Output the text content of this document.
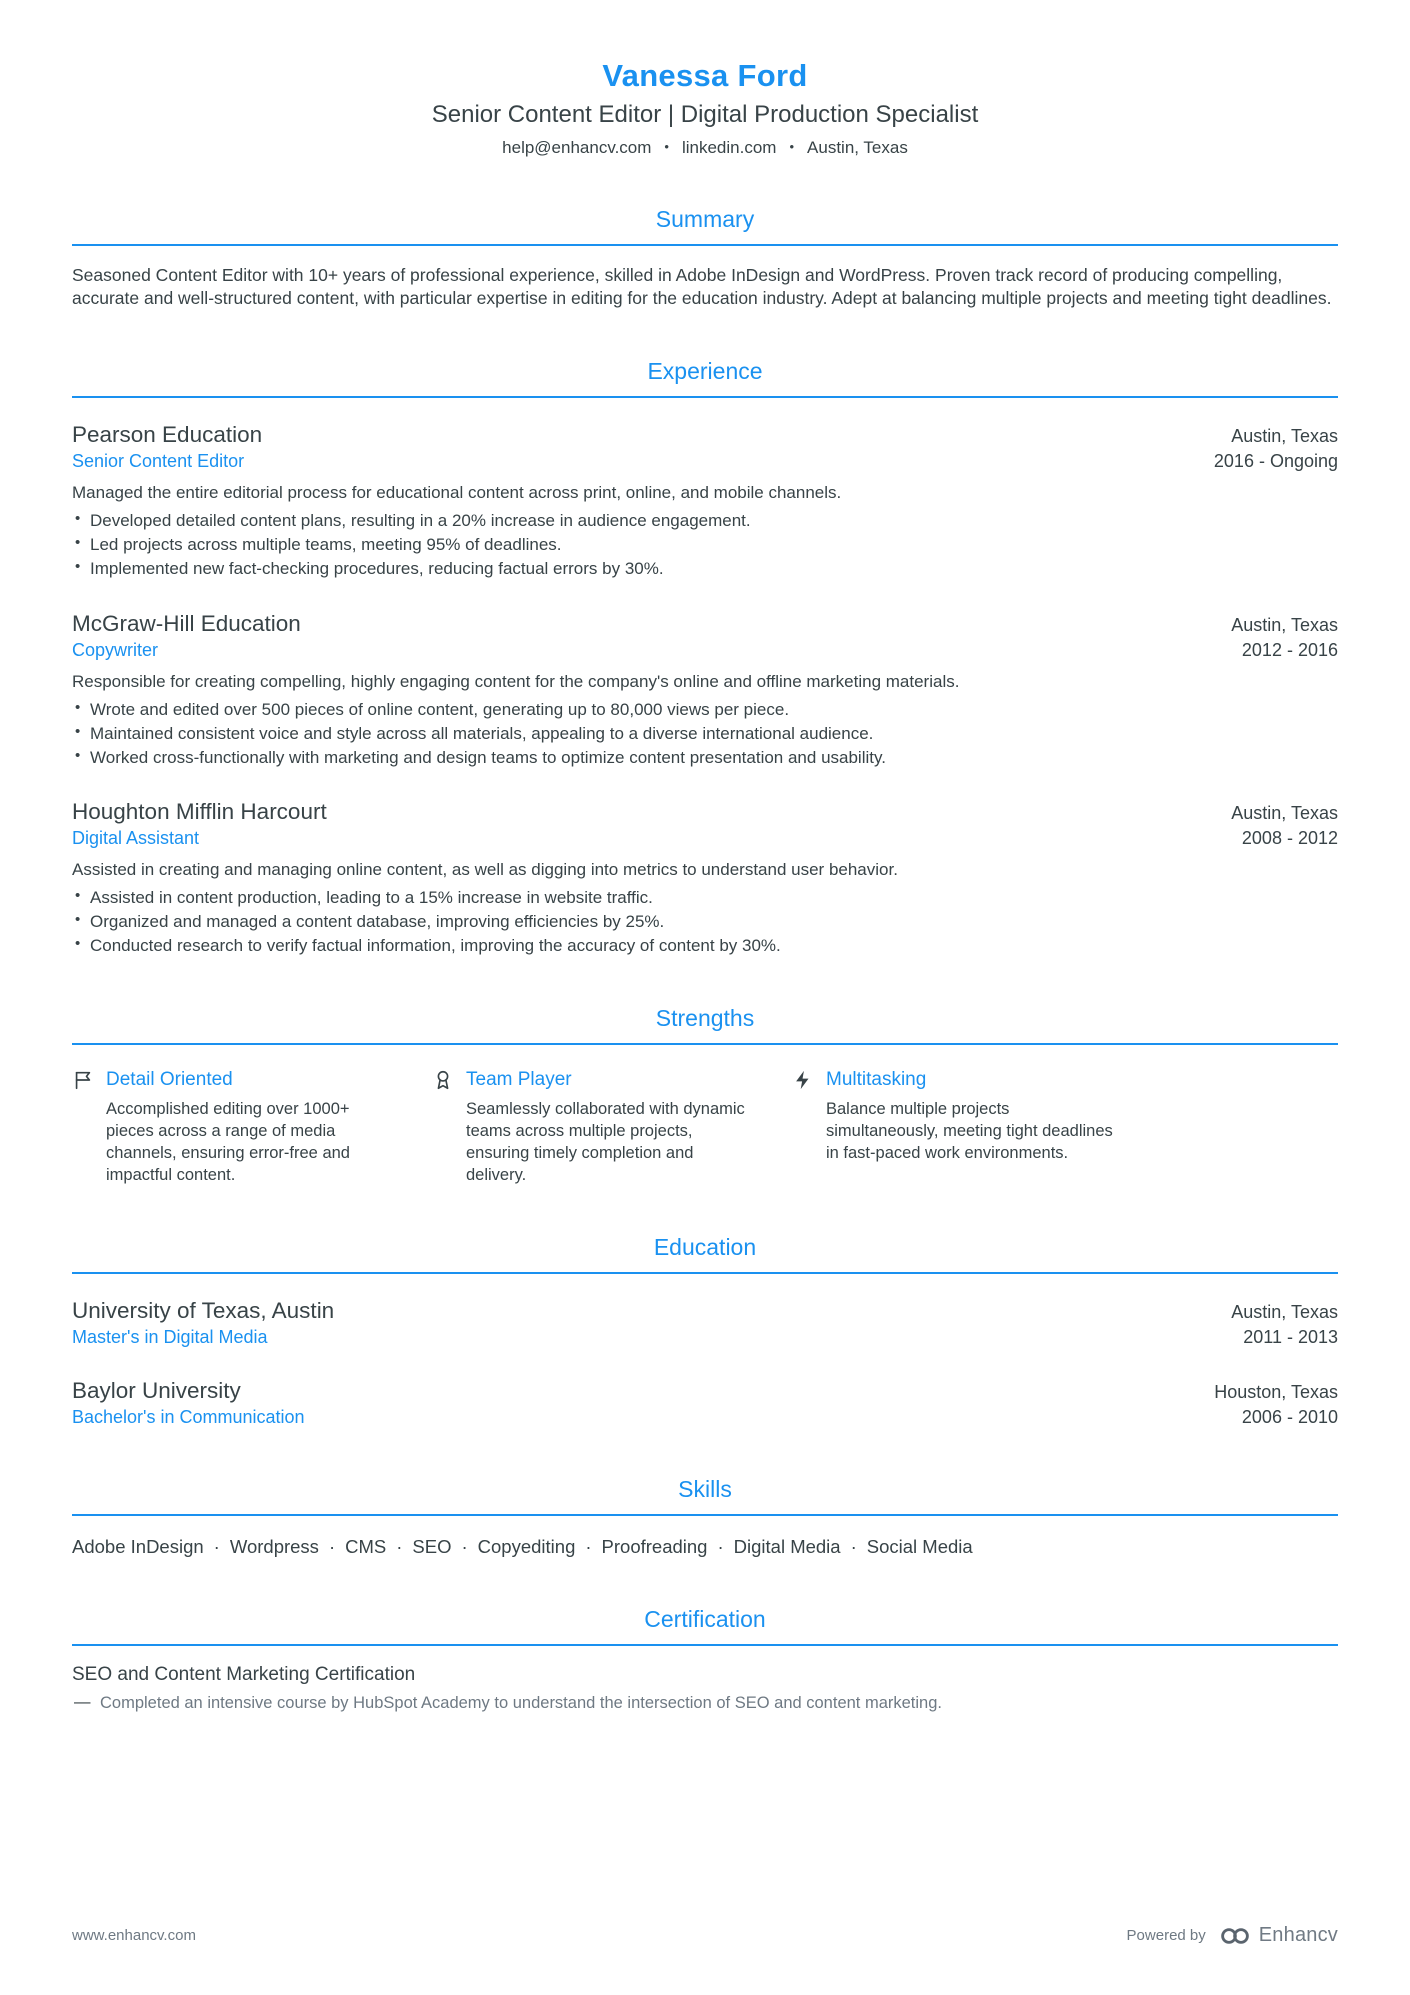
Vanessa Ford
Senior Content Editor | Digital Production Specialist
help@enhancv.com • linkedin.com • Austin, Texas
Summary

Seasoned Content Editor with 10+ years of professional experience, skilled in Adobe InDesign and WordPress. Proven track record of producing compelling, accurate and well-structured content, with particular expertise in editing for the education industry. Adept at balancing multiple projects and meeting tight deadlines.

Experience
Pearson Education	Austin, Texas
Senior Content Editor	2016 - Ongoing

Managed the entire editorial process for educational content across print, online, and mobile channels.

• Developed detailed content plans, resulting in a 20% increase in audience engagement.
• Led projects across multiple teams, meeting 95% of deadlines.
• Implemented new fact-checking procedures, reducing factual errors by 30%.
McGraw-Hill Education	Austin, Texas
Copywriter	2012 - 2016

Responsible for creating compelling, highly engaging content for the company's online and offline marketing materials.

• Wrote and edited over 500 pieces of online content, generating up to 80,000 views per piece.
• Maintained consistent voice and style across all materials, appealing to a diverse international audience.
• Worked cross-functionally with marketing and design teams to optimize content presentation and usability.
Houghton Mifflin Harcourt	Austin, Texas
Digital Assistant	2008 - 2012

Assisted in creating and managing online content, as well as digging into metrics to understand user behavior.

• Assisted in content production, leading to a 15% increase in website traffic.
• Organized and managed a content database, improving efficiencies by 25%.
• Conducted research to verify factual information, improving the accuracy of content by 30%.
Strengths
Detail Oriented

Accomplished editing over 1000+ pieces across a range of media channels, ensuring error-free and impactful content.

Team Player

Seamlessly collaborated with dynamic teams across multiple projects, ensuring timely completion and delivery.

Multitasking

Balance multiple projects simultaneously, meeting tight deadlines in fast-paced work environments.

Education
University of Texas, Austin	Austin, Texas
Master's in Digital Media	2011 - 2013
Baylor University	Houston, Texas
Bachelor's in Communication	2006 - 2010
Skills

Adobe InDesign · Wordpress · CMS · SEO · Copyediting · Proofreading · Digital Media · Social Media

Certification
SEO and Content Marketing Certification

— Completed an intensive course by HubSpot Academy to understand the intersection of SEO and content marketing.

www.enhancv.com	Powered by	Enhancv
